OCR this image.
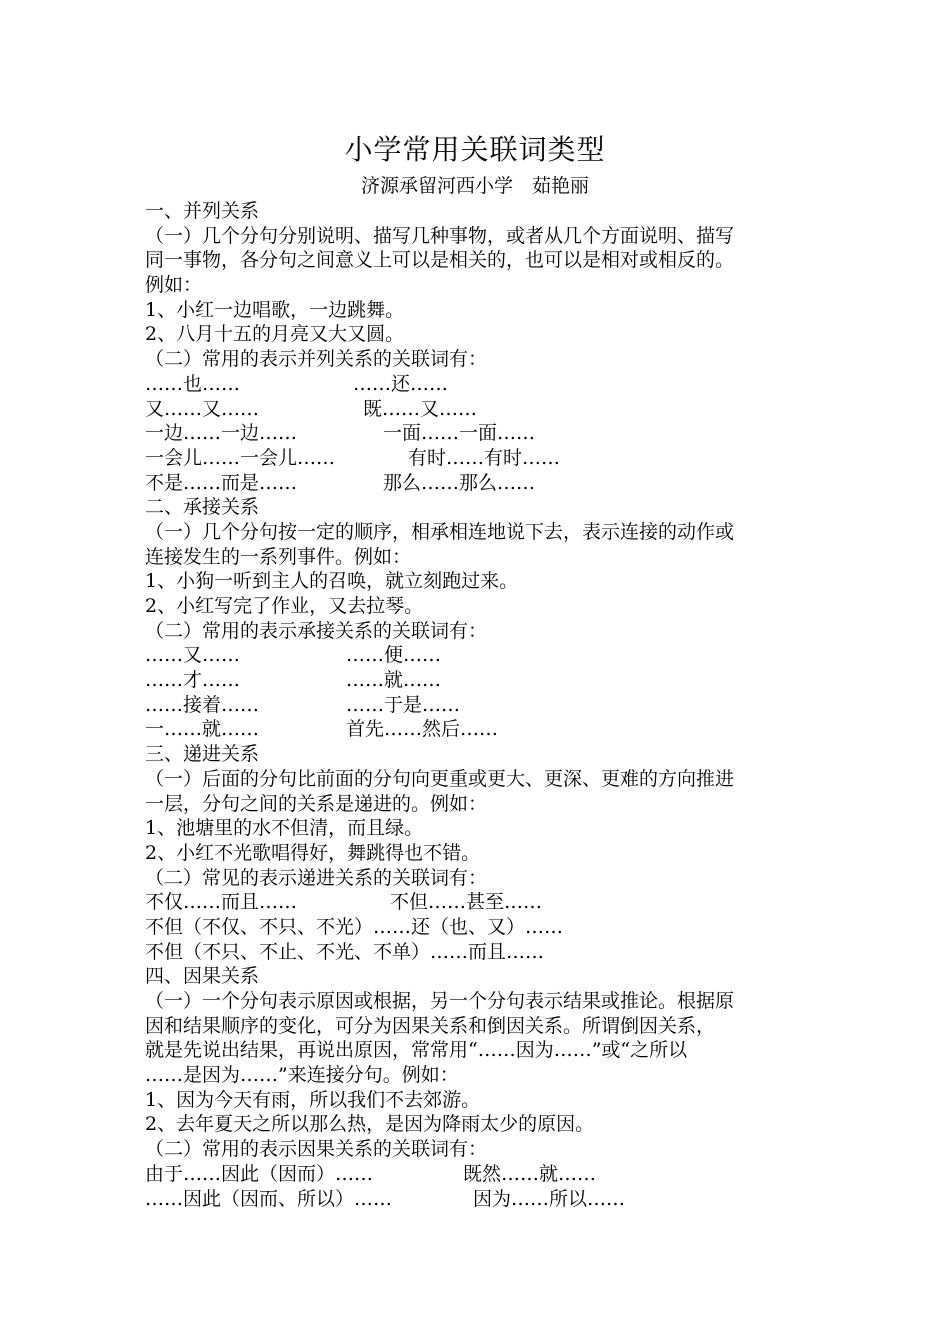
小学常用关联词类型
济源承留河西小学　茹艳丽
一、并列关系
（一）几个分句分别说明、描写几种事物，或者从几个方面说明、描写
同一事物，各分句之间意义上可以是相关的，也可以是相对或相反的。
例如：
1、小红一边唱歌，一边跳舞。
2、八月十五的月亮又大又圆。
（二）常用的表示并列关系的关联词有：
……也……	……还……
又……又……	既……又……
一边……一边……	一面……一面……
一会儿……一会儿……	有时……有时……
不是……而是……	那么……那么……
二、承接关系
（一）几个分句按一定的顺序，相承相连地说下去，表示连接的动作或
连接发生的一系列事件。例如：
1、小狗一听到主人的召唤，就立刻跑过来。
2、小红写完了作业，又去拉琴。
（二）常用的表示承接关系的关联词有：
……又……	……便……
……才……	……就……
……接着……	……于是……
一……就……	首先……然后……
三、递进关系
（一）后面的分句比前面的分句向更重或更大、更深、更难的方向推进
一层，分句之间的关系是递进的。例如：
1、池塘里的水不但清，而且绿。
2、小红不光歌唱得好，舞跳得也不错。
（二）常见的表示递进关系的关联词有：
不仅……而且……	不但……甚至……
不但（不仅、不只、不光）……还（也、又）……
不但（不只、不止、不光、不单）……而且……
四、因果关系
（一）一个分句表示原因或根据，另一个分句表示结果或推论。根据原
因和结果顺序的变化，可分为因果关系和倒因关系。所谓倒因关系，
就是先说出结果，再说出原因，常常用“……因为……”或“之所以
……是因为……”来连接分句。例如：
1、因为今天有雨，所以我们不去郊游。
2、去年夏天之所以那么热，是因为降雨太少的原因。
（二）常用的表示因果关系的关联词有：
由于……因此（因而）……	既然……就……
……因此（因而、所以）……	因为……所以……
